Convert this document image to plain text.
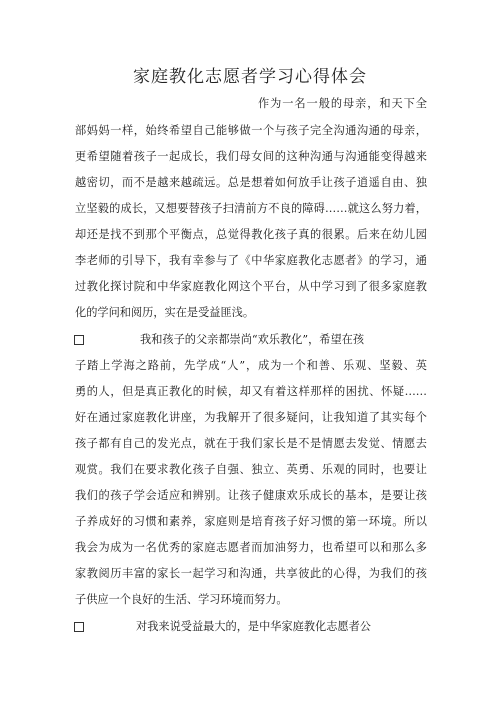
家庭教化志愿者学习心得体会
作为一名一般的母亲，和天下全
部妈妈一样，始终希望自己能够做一个与孩子完全沟通沟通的母亲，
更希望随着孩子一起成长，我们母女间的这种沟通与沟通能变得越来
越密切，而不是越来越疏远。总是想着如何放手让孩子逍遥自由、独
立坚毅的成长，又想要替孩子扫清前方不良的障碍……就这么努力着，
却还是找不到那个平衡点，总觉得教化孩子真的很累。后来在幼儿园
李老师的引导下，我有幸参与了《中华家庭教化志愿者》的学习，通
过教化探讨院和中华家庭教化网这个平台，从中学习到了很多家庭教
化的学问和阅历，实在是受益匪浅。
我和孩子的父亲都崇尚“欢乐教化”，希望在孩
子踏上学海之路前，先学成“人”，成为一个和善、乐观、坚毅、英
勇的人，但是真正教化的时候，却又有着这样那样的困扰、怀疑……
好在通过家庭教化讲座，为我解开了很多疑问，让我知道了其实每个
孩子都有自己的发光点，就在于我们家长是不是情愿去发觉、情愿去
观赏。我们在要求教化孩子自强、独立、英勇、乐观的同时，也要让
我们的孩子学会适应和辨别。让孩子健康欢乐成长的基本，是要让孩
子养成好的习惯和素养，家庭则是培育孩子好习惯的第一环境。所以
我会为成为一名优秀的家庭志愿者而加油努力，也希望可以和那么多
家教阅历丰富的家长一起学习和沟通，共享彼此的心得，为我们的孩
子供应一个良好的生活、学习环境而努力。
对我来说受益最大的，是中华家庭教化志愿者公
